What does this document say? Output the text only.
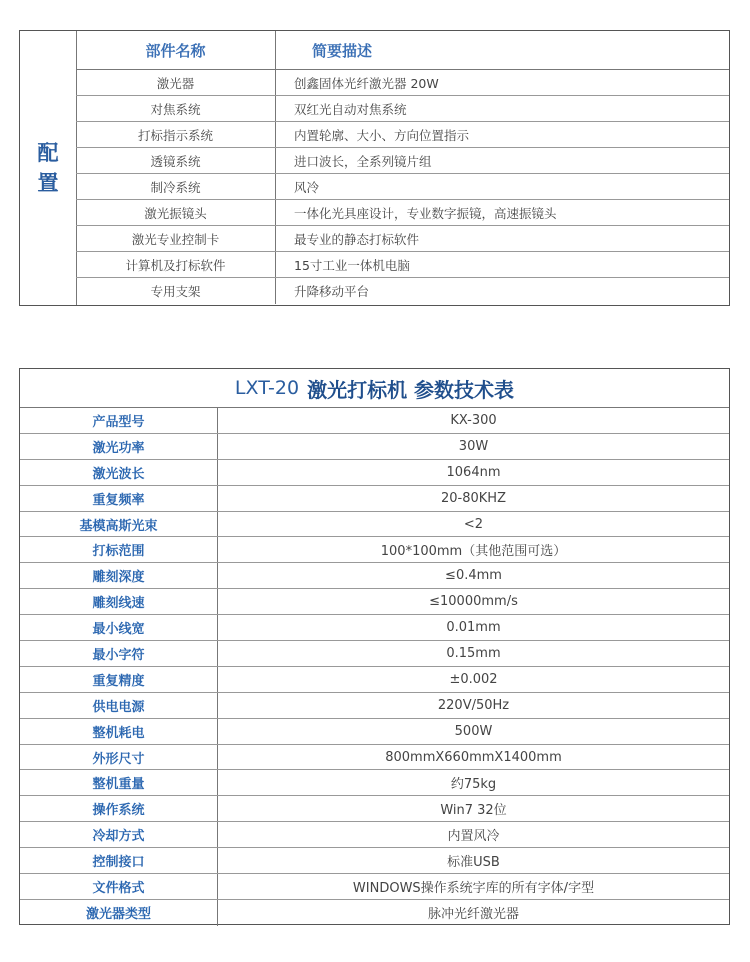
配
置
部件名称	简要描述
激光器	创鑫固体光纤激光器 20W
对焦系统	双红光自动对焦系统
打标指示系统	内置轮廓、大小、方向位置指示
透镜系统	进口波长，全系列镜片组
制冷系统	风冷
激光振镜头	一体化光具座设计，专业数字振镜，高速振镜头
激光专业控制卡	最专业的静态打标软件
计算机及打标软件	15寸工业一体机电脑
专用支架	升降移动平台
LXT-20 激光打标机 参数技术表
产品型号	KX-300
激光功率	30W
激光波长	1064nm
重复频率	20-80KHZ
基模高斯光束	<2
打标范围	100*100mm（其他范围可选）
雕刻深度	≤0.4mm
雕刻线速	≤10000mm/s
最小线宽	0.01mm
最小字符	0.15mm
重复精度	±0.002
供电电源	220V/50Hz
整机耗电	500W
外形尺寸	800mmX660mmX1400mm
整机重量	约75kg
操作系统	Win7 32位
冷却方式	内置风冷
控制接口	标准USB
文件格式	WINDOWS操作系统字库的所有字体/字型
激光器类型	脉冲光纤激光器
